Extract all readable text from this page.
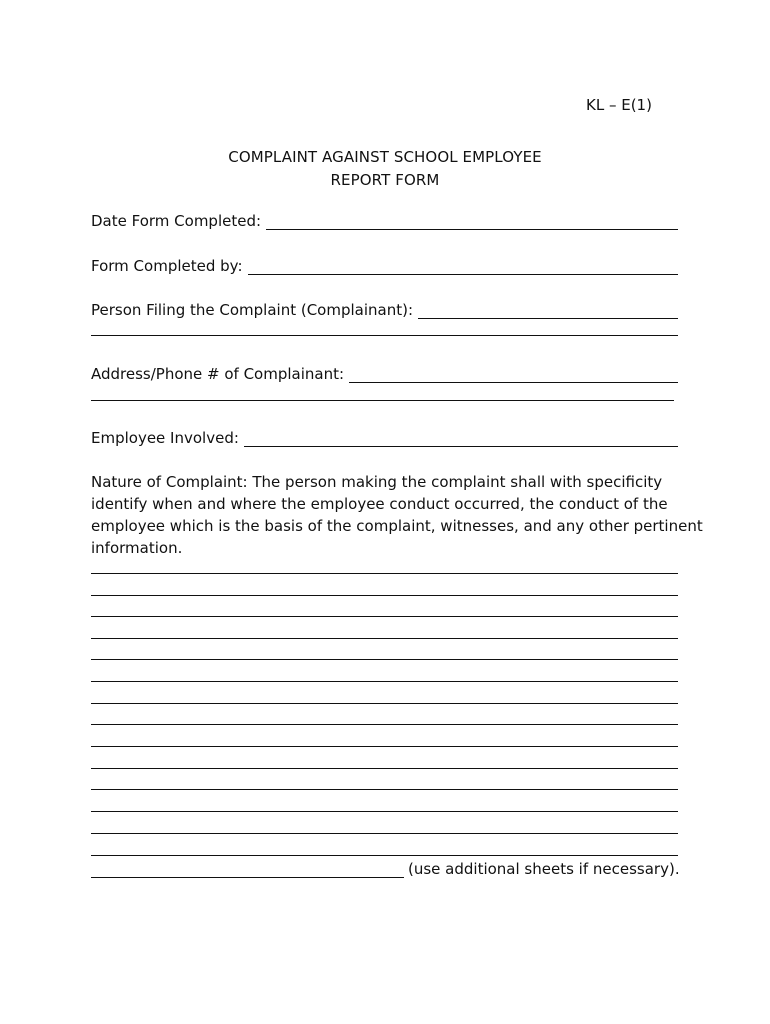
KL – E(1)
COMPLAINT AGAINST SCHOOL EMPLOYEE
REPORT FORM
Date Form Completed:
Form Completed by:
Person Filing the Complaint (Complainant):
Address/Phone # of Complainant:
Employee Involved:
Nature of Complaint: The person making the complaint shall with specificity
identify when and where the employee conduct occurred, the conduct of the
employee which is the basis of the complaint, witnesses, and any other pertinent
information.
(use additional sheets if necessary).
